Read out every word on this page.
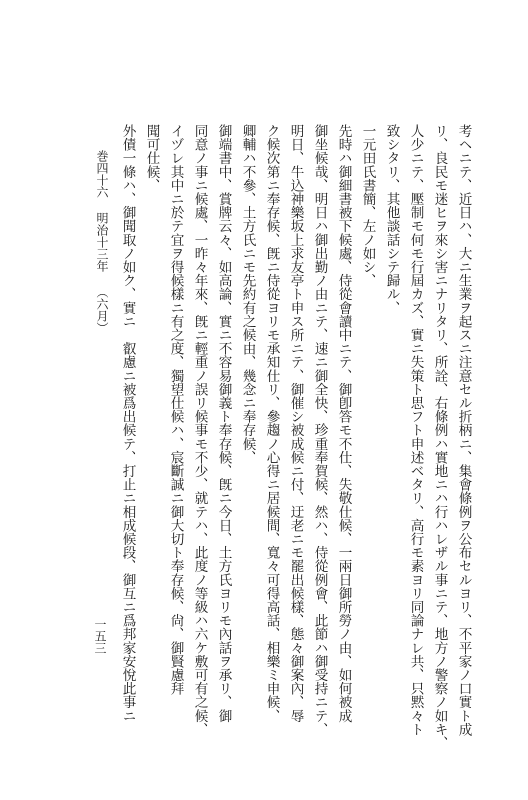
考ヘニテ、近日ハ、大ニ生業ヲ起スニ注意セル折柄ニ、集會條例ヲ公布セルヨリ、不平家ノ口實ト成
リ、良民モ迷ヒヲ來シ害ニナリタリ、所詮、右條例ハ實地ニハ行ハレザル事ニテ、地方ノ警察ノ如キ、
人少ニテ、壓制モ何モ行屆カズ、實ニ失策ト思フト申述ベタリ、高行モ素ヨリ同論ナレ共、只黙々ト
致シタリ、其他談話シテ歸ル、
一元田氏書簡、左ノ如シ、
先時ハ御細書被下候處、侍從會讀中ニテ、御卽答モ不仕、失敬仕候、一兩日御所勞ノ由、如何被成
御坐候哉、明日ハ御出勤ノ由ニテ、速ニ御全快、珍重奉賀候、然ハ、侍從例會、此節ハ御受持ニテ、
明日、牛込神樂坂上求友亭ト申ス所ニテ、御催シ被成候ニ付、迂老ニモ罷出候樣、態々御案內、辱
ク候次第ニ奉存候、旣ニ侍從ヨリモ承知仕リ、參趨ノ心得ニ居候間、寬々可得高話、相樂ミ申候、
卿輔ハ不參、土方氏ニモ先約有之候由、幾念ニ奉存候、
御端書中、賞牌云々、如高論、實ニ不容易御義ト奉存候、旣ニ今日、土方氏ヨリモ內話ヲ承リ、御
同意ノ事ニ候處、一昨々年來、旣ニ輕重ノ誤リ候事モ不少、就テハ、此度ノ等級ハ六ケ敷可有之候、
イヅレ其中ニ於テ宜ヲ得候樣ニ有之度、獨望仕候ハ、宸斷誠ニ御大切ト奉存候、尙、御賢慮拜
聞可仕候、
外債一條ハ、御聞取ノ如ク、實ニ　叡慮ニ被爲出候テ、打止ニ相成候段、御互ニ爲邦家安悅此事ニ
巻四十六明治十三年（六月）
一五三
